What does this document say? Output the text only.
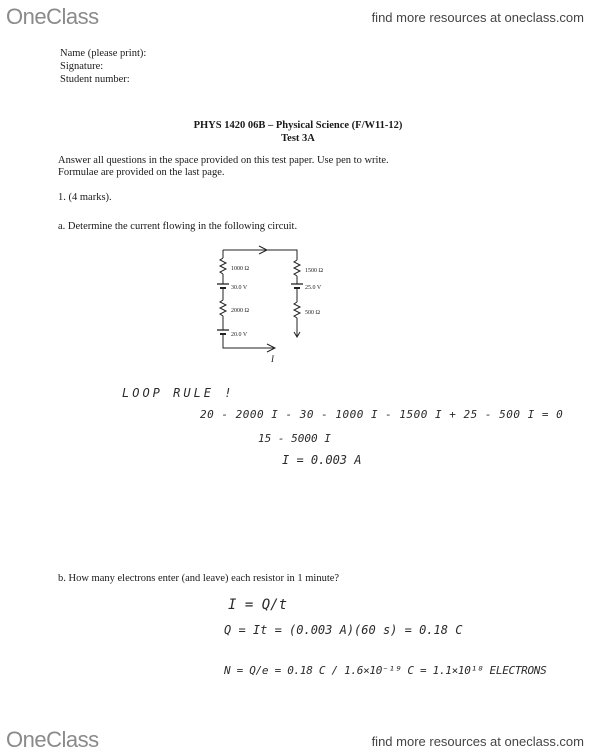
OneClass	find more resources at oneclass.com
Name (please print):
Signature:
Student number:
PHYS 1420 06B – Physical Science (F/W11-12)
Test 3A
Answer all questions in the space provided on this test paper. Use pen to write.
Formulae are provided on the last page.
1. (4 marks).
a. Determine the current flowing in the following circuit.
1000 Ω
30.0 V
2000 Ω
20.0 V
1500 Ω
25.0 V
500 Ω
I
LOOP RULE !
20 - 2000 I - 30 - 1000 I - 1500 I + 25 - 500 I = 0
15 - 5000 I
I = 0.003 A
b. How many electrons enter (and leave) each resistor in 1 minute?
I = Q/t
Q = It = (0.003 A)(60 s) = 0.18 C
N = Q/e = 0.18 C / 1.6×10⁻¹⁹ C = 1.1×10¹⁸ ELECTRONS
OneClass	find more resources at oneclass.com
